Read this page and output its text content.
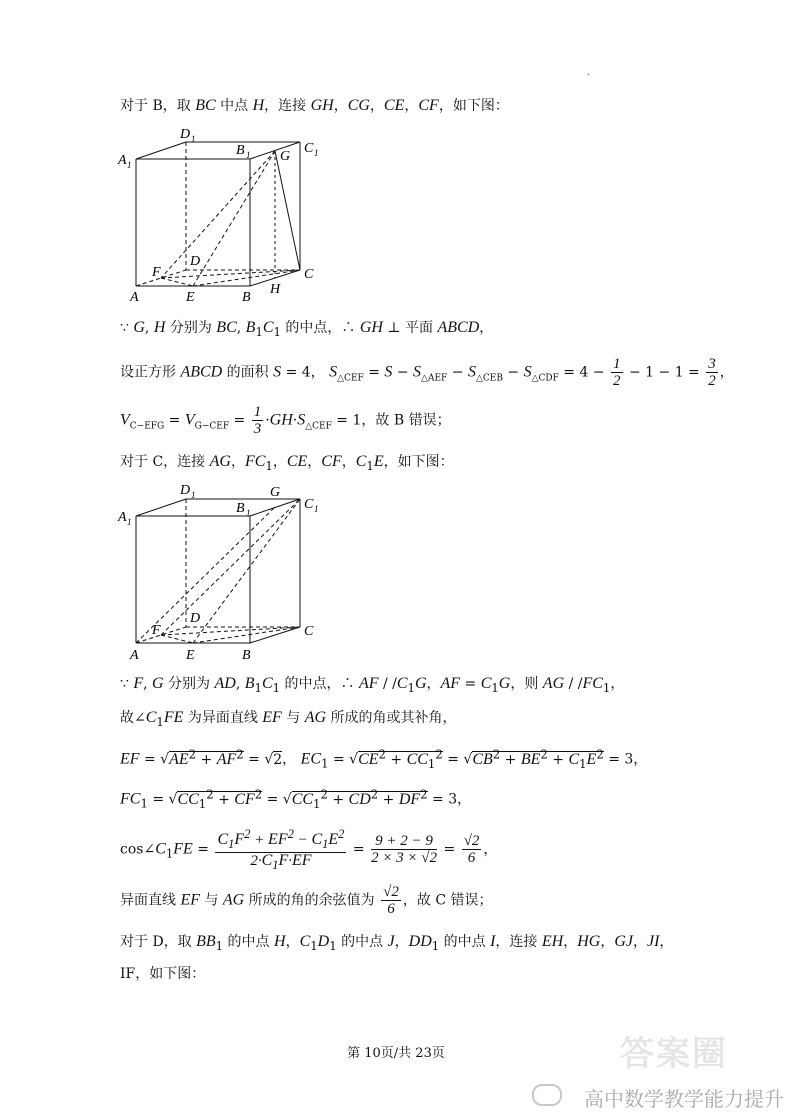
·
对于 B，取 BC 中点 H，连接 GH，CG，CE，CF，如下图：
A 1
D 1
B 1 G
C 1
D
F	C
A	E	B
H
∵ G, H 分别为 BC, $B_1C_1$ 的中点，∴ GH ⊥ 平面 ABCD，
设正方形 ABCD 的面积 S = 4， $S_{\triangle CEF} = S - S_{\triangle AEF} - S_{\triangle CEB} - S_{\triangle CDF} = 4 - \frac{1}{2} - 1 - 1 = \frac{3}{2}$ ，
$V_{C-EFG} = V_{G-CEF} = \frac{1}{3} \cdot GH\cdot S_{\triangle CEF} = 1$，故 B 错误；
对于 C，连接 AG，$FC_1$，CE，CF，$C_1E$，如下图：
A 1
D 1	G
B 1
C 1
D
F	C
A	E	B
∵ F, G 分别为 AD, $B_1C_1$ 的中点，∴ AF / $/C_1G$，AF = $C_1G$，则 AG / $/FC_1$，
故$\angle C_1FE$ 为异面直线 EF 与 AG 所成的角或其补角，
EF = $√AE^2 + AF^2 = √2$， $EC_1 = √CE^2 + CC_1^2 = √CB^2 + BE^2 + C_1E^2 = 3$，
$FC_1 = √CC_1^2 + CF^2 = √CC_1^2 + CD^2 + DF^2 = 3$，
$\cos\angle C_1FE = \frac{C_1F^2 + EF^2 - C_1E^2}{2\cdot C_1F\cdot EF} = \frac{9 + 2 - 9}{2 \times 3 \times √2} = \frac{√2}{6}$ ，
异面直线 EF 与 AG 所成的角的余弦值为 $\frac{√2}{6}$ ，故 C 错误；
对于 D，取 $BB_1$ 的中点 H，$C_1D_1$ 的中点 J，$DD_1$ 的中点 I，连接 EH，HG，GJ，JI，
IF，如下图：
第 10页/共 23页	答案圈
高中数学教学能力提升
